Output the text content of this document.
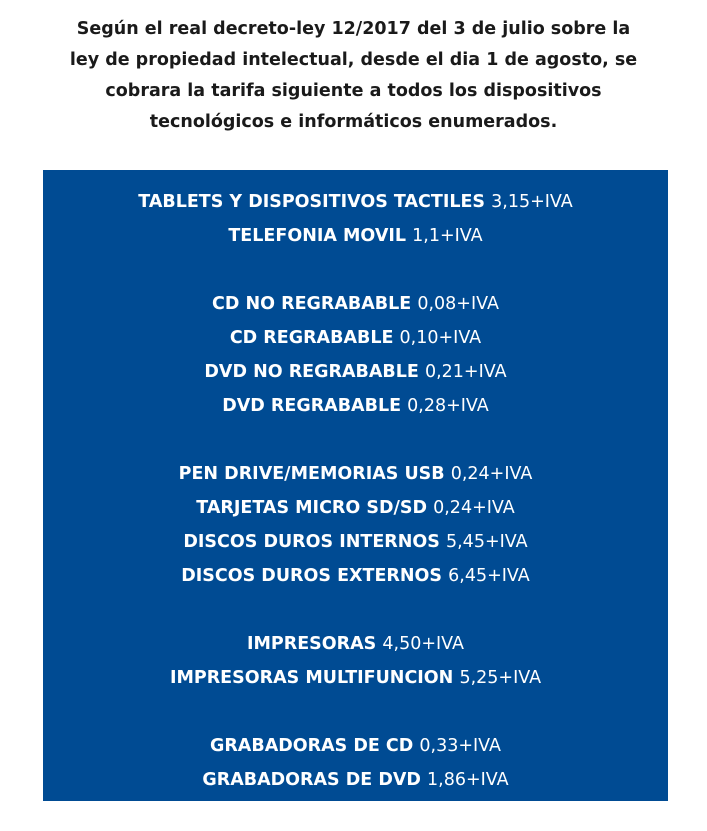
Según el real decreto-ley 12/2017 del 3 de julio sobre la
ley de propiedad intelectual, desde el dia 1 de agosto, se
cobrara la tarifa siguiente a todos los dispositivos
tecnológicos e informáticos enumerados.
TABLETS Y DISPOSITIVOS TACTILES 3,15+IVA
TELEFONIA MOVIL 1,1+IVA
CD NO REGRABABLE 0,08+IVA
CD REGRABABLE 0,10+IVA
DVD NO REGRABABLE 0,21+IVA
DVD REGRABABLE 0,28+IVA
PEN DRIVE/MEMORIAS USB 0,24+IVA
TARJETAS MICRO SD/SD 0,24+IVA
DISCOS DUROS INTERNOS 5,45+IVA
DISCOS DUROS EXTERNOS 6,45+IVA
IMPRESORAS 4,50+IVA
IMPRESORAS MULTIFUNCION 5,25+IVA
GRABADORAS DE CD 0,33+IVA
GRABADORAS DE DVD 1,86+IVA
